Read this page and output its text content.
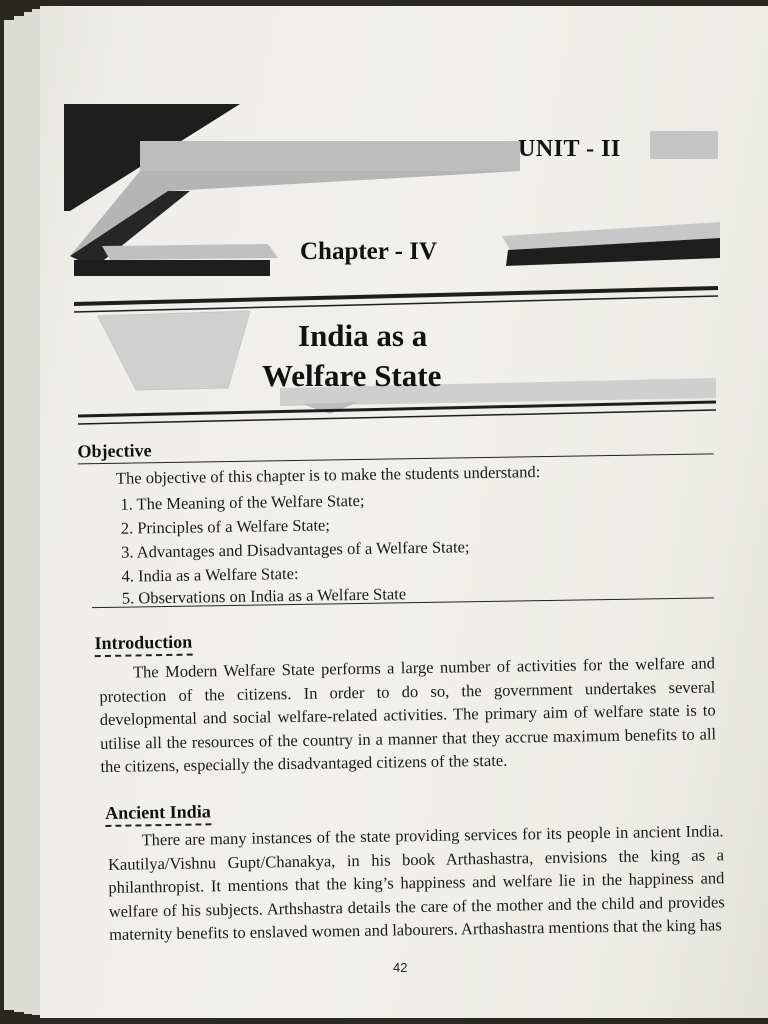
UNIT - II
Chapter - IV
India as a
Welfare State
Objective
The objective of this chapter is to make the students understand:
1. The Meaning of the Welfare State;
2. Principles of a Welfare State;
3. Advantages and Disadvantages of a Welfare State;
4. India as a Welfare State:
5. Observations on India as a Welfare State
Introduction

The Modern Welfare State performs a large number of activities for the welfare and protection of the citizens. In order to do so, the government undertakes several developmental and social welfare-related activities. The primary aim of welfare state is to utilise all the resources of the country in a manner that they accrue maximum benefits to all the citizens, especially the disadvantaged citizens of the state.

Ancient India

There are many instances of the state providing services for its people in ancient India. Kautilya/Vishnu Gupt/Chanakya, in his book Arthashastra, envisions the king as a philanthropist. It mentions that the king’s happiness and welfare lie in the happiness and welfare of his subjects. Arthshastra details the care of the mother and the child and provides maternity benefits to enslaved women and labourers. Arthashastra mentions that the king has

42
